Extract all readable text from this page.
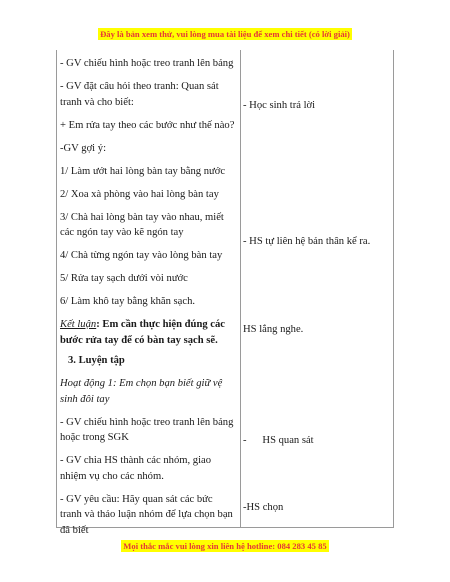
Đây là bản xem thử, vui lòng mua tài liệu để xem chi tiết (có lời giải)

- GV chiếu hình hoặc treo tranh lên bảng

- GV đặt câu hỏi theo tranh: Quan sát tranh và cho biết:

+ Em rửa tay theo các bước như thế nào?

-GV gợi ý:

1/ Làm ướt hai lòng bàn tay bằng nước

2/ Xoa xà phòng vào hai lòng bàn tay

3/ Chà hai lòng bàn tay vào nhau, miết các ngón tay vào kẽ ngón tay

4/ Chà từng ngón tay vào lòng bàn tay

5/ Rửa tay sạch dưới vòi nước

6/ Làm khô tay bằng khăn sạch.

Kết luận: Em cần thực hiện đúng các bước rửa tay để có bàn tay sạch sẽ.

3. Luyện tập

Hoạt động 1: Em chọn bạn biết giữ vệ sinh đôi tay

- GV chiếu hình hoặc treo tranh lên bảng hoặc trong SGK

- GV chia HS thành các nhóm, giao nhiệm vụ cho các nhóm.

- GV yêu cầu: Hãy quan sát các bức tranh và thảo luận nhóm để lựa chọn bạn đã biết

- Học sinh trả lời
- HS tự liên hệ bản thân kể ra.
HS lắng nghe.
-      HS quan sát
-HS chọn
Mọi thắc mắc vui lòng xin liên hệ hotline: 084 283 45 85
